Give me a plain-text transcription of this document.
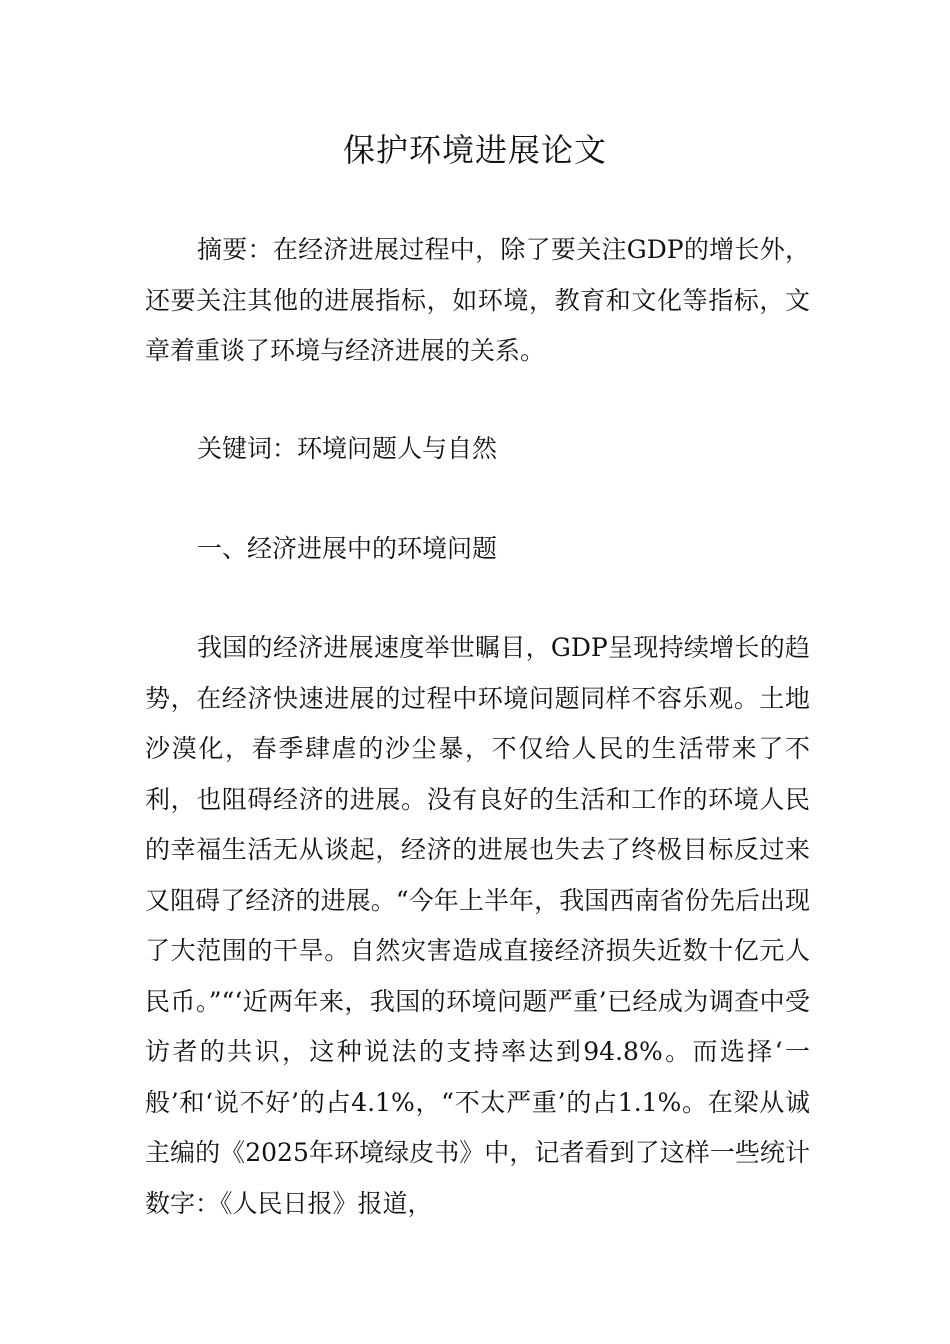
保护环境进展论文

摘要：在经济进展过程中，除了要关注GDP的增长外，还要关注其他的进展指标，如环境，教育和文化等指标，文章着重谈了环境与经济进展的关系。

关键词：环境问题人与自然

一、经济进展中的环境问题

我国的经济进展速度举世瞩目，GDP呈现持续增长的趋势，在经济快速进展的过程中环境问题同样不容乐观。土地沙漠化，春季肆虐的沙尘暴，不仅给人民的生活带来了不利，也阻碍经济的进展。没有良好的生活和工作的环境人民的幸福生活无从谈起，经济的进展也失去了终极目标反过来又阻碍了经济的进展。“今年上半年，我国西南省份先后出现了大范围的干旱。自然灾害造成直接经济损失近数十亿元人民币。”“‘近两年来，我国的环境问题严重’已经成为调查中受访者的共识，这种说法的支持率达到94.8%。而选择‘一般’和‘说不好’的占4.1%，“不太严重’的占1.1%。在梁从诚主编的《2025年环境绿皮书》中，记者看到了这样一些统计数字：《人民日报》报道，
